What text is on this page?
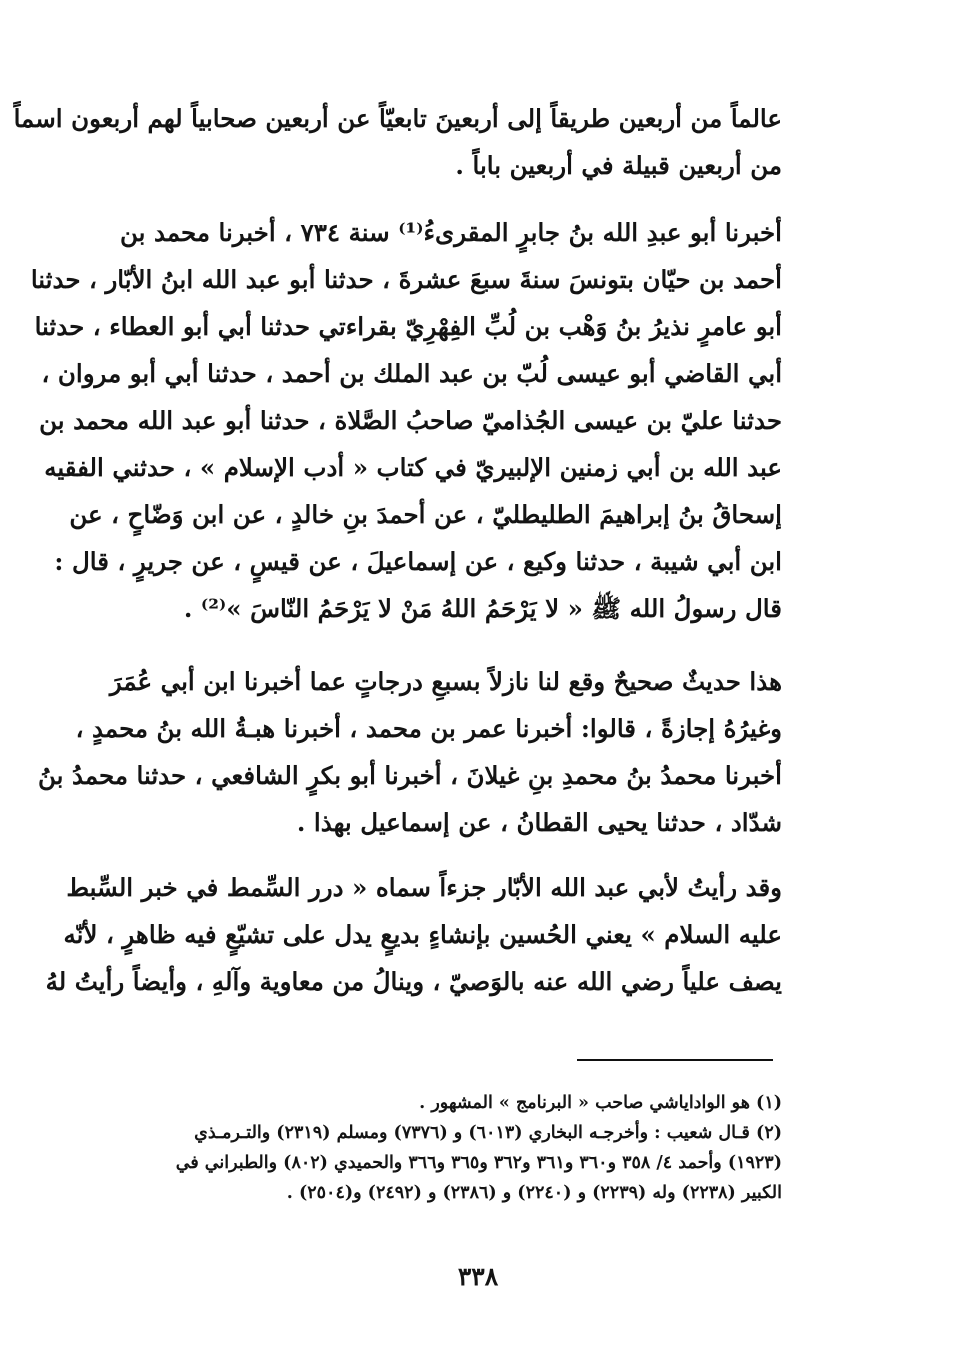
عالماً من أربعين طريقاً إلى أربعينَ تابعيّاً عن أربعين صحابياً لهم أربعون اسماً

من أربعين قبيلة في أربعين باباً .

أخبرنا أبو عبدِ الله بنُ جابرٍ المقرىءُ⁽¹⁾ سنة ٧٣٤ ، أخبرنا محمد بن

أحمد بن حيّان بتونسَ سنةَ سبعَ عشرةَ ، حدثنا أبو عبد الله ابنُ الأبّار ، حدثنا

أبو عامرٍ نذيرُ بنُ وَهْب بن لُبِّ الفِهْرِيّ بقراءتي حدثنا أبي أبو العطاء ، حدثنا

أبي القاضي أبو عيسى لُبّ بن عبد الملك بن أحمد ، حدثنا أبي أبو مروان ،

حدثنا عليّ بن عيسى الجُذاميّ صاحبُ الصَّلاة ، حدثنا أبو عبد الله محمد بن

عبد الله بن أبي زمنين الإلبيريّ في كتاب « أدب الإسلام » ، حدثني الفقيه

إسحاقُ بنُ إبراهيمَ الطليطليّ ، عن أحمدَ بنِ خالدٍ ، عن ابن وَضّاحٍ ، عن

ابن أبي شيبة ، حدثنا وكيع ، عن إسماعيلَ ، عن قيسٍ ، عن جريرٍ ، قال :

قال رسولُ الله ﷺ « لا يَرْحَمُ اللهُ مَنْ لا يَرْحَمُ النّاسَ »⁽²⁾ .

هذا حديثٌ صحيحٌ وقع لنا نازلاً بسبعِ درجاتٍ عما أخبرنا ابن أبي عُمَرَ

وغيرُهُ إجازةً ، قالوا: أخبرنا عمر بن محمد ، أخبرنا هبـةُ الله بنُ محمدٍ ،

أخبرنا محمدُ بنُ محمدِ بنِ غيلانَ ، أخبرنا أبو بكرٍ الشافعي ، حدثنا محمدُ بنُ

شدّاد ، حدثنا يحيى القطانُ ، عن إسماعيل بهذا .

وقد رأيتُ لأبي عبد الله الأبّار جزءاً سماه « درر السِّمط في خبر السِّبط

عليه السلام » يعني الحُسين بإنشاءٍ بديعٍ يدل على تشيّعٍ فيه ظاهرٍ ، لأنّه

يصف علياً رضي الله عنه بالوَصيّ ، وينالُ من معاوية وآلهِ ، وأيضاً رأيتُ لهُ

(١) هو الواداياشي صاحب « البرنامج » المشهور .

(٢) قـال شعيب : وأخرجـه البخاري (٦٠١٣) و (٧٣٧٦) ومسلم (٢٣١٩) والتـرمـذي

(١٩٢٣) وأحمد ٤/ ٣٥٨ و٣٦٠ و٣٦١ و٣٦٢ و٣٦٥ و٣٦٦ والحميدي (٨٠٢) والطبراني في

الكبير (٢٢٣٨) وله (٢٢٣٩) و (٢٢٤٠) و (٢٣٨٦) و (٢٤٩٢) و(٢٥٠٤) .

٣٣٨
